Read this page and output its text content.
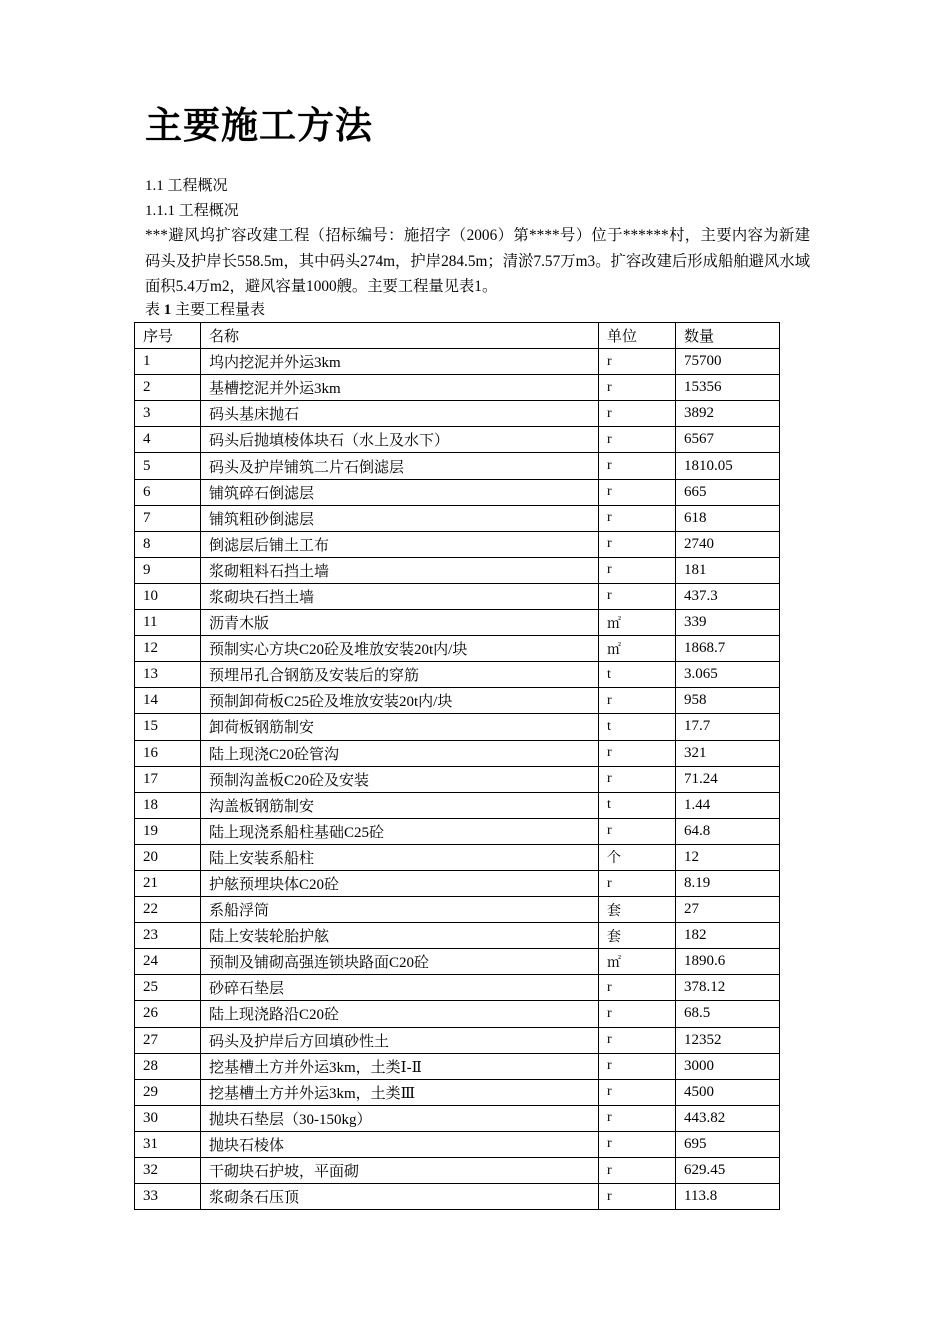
主要施工方法
1.1 工程概况
1.1.1 工程概况

***避风坞扩容改建工程（招标编号：施招字（2006）第****号）位于******村，主要内容为新建码头及护岸长558.5m，其中码头274m，护岸284.5m；清淤7.57万m3。扩容改建后形成船舶避风水域面积5.4万m2，避风容量1000艘。主要工程量见表1。

表 1 主要工程量表
序号	名称	单位	数量
1	坞内挖泥并外运3km	r	75700
2	基槽挖泥并外运3km	r	15356
3	码头基床抛石	r	3892
4	码头后抛填棱体块石（水上及水下）	r	6567
5	码头及护岸铺筑二片石倒滤层	r	1810.05
6	铺筑碎石倒滤层	r	665
7	铺筑粗砂倒滤层	r	618
8	倒滤层后铺土工布	r	2740
9	浆砌粗料石挡土墙	r	181
10	浆砌块石挡土墙	r	437.3
11	沥青木版	㎡	339
12	预制实心方块C20砼及堆放安装20t内/块	㎡	1868.7
13	预埋吊孔合钢筋及安装后的穿筋	t	3.065
14	预制卸荷板C25砼及堆放安装20t内/块	r	958
15	卸荷板钢筋制安	t	17.7
16	陆上现浇C20砼管沟	r	321
17	预制沟盖板C20砼及安装	r	71.24
18	沟盖板钢筋制安	t	1.44
19	陆上现浇系船柱基础C25砼	r	64.8
20	陆上安装系船柱	个	12
21	护舷预埋块体C20砼	r	8.19
22	系船浮筒	套	27
23	陆上安装轮胎护舷	套	182
24	预制及铺砌高强连锁块路面C20砼	㎡	1890.6
25	砂碎石垫层	r	378.12
26	陆上现浇路沿C20砼	r	68.5
27	码头及护岸后方回填砂性土	r	12352
28	挖基槽土方并外运3km，土类Ⅰ-Ⅱ	r	3000
29	挖基槽土方并外运3km，土类Ⅲ	r	4500
30	抛块石垫层（30-150kg）	r	443.82
31	抛块石棱体	r	695
32	干砌块石护坡，平面砌	r	629.45
33	浆砌条石压顶	r	113.8
